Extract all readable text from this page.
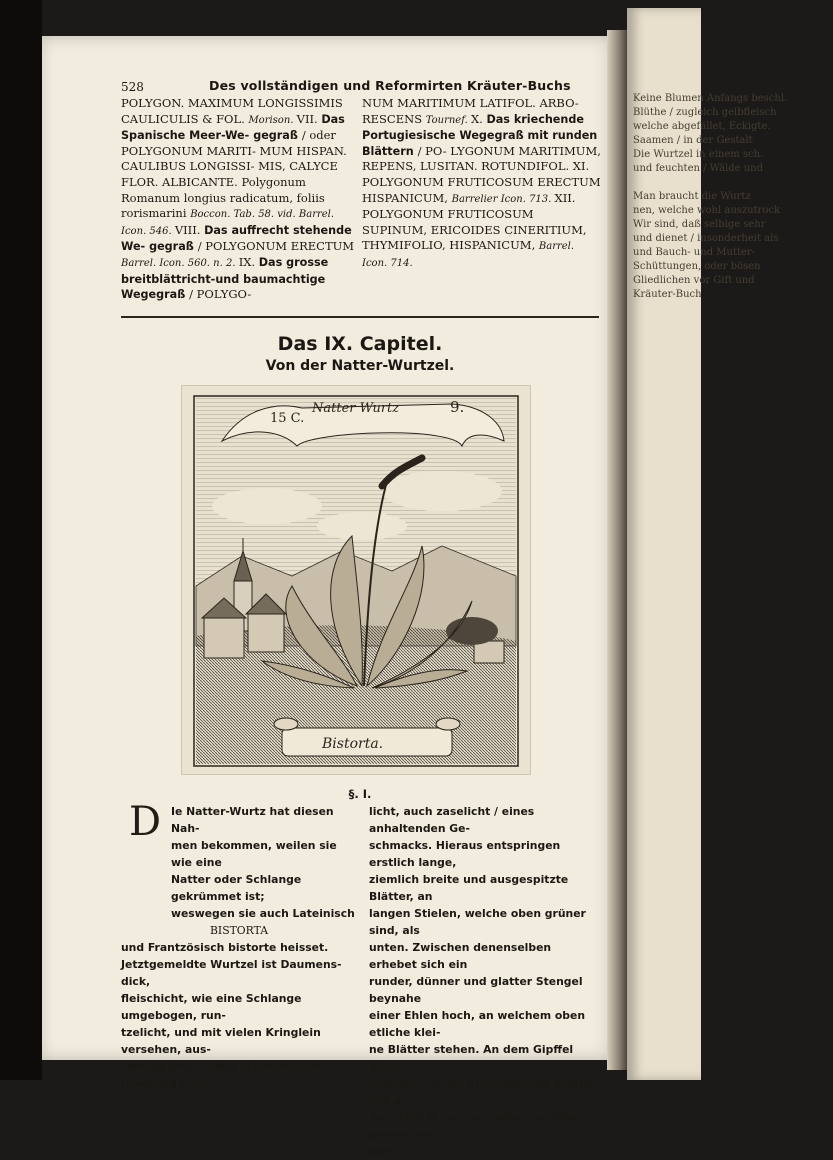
Keine Blumen Anfangs beschl.
Blüthe / zugleich gelbfleisch
welche abgefället, Eckigte.
Saamen / in der Gestalt
Die Wurtzel in einem sch.
und feuchten / Wälde und

Man braucht die Wurtz
nen, welche wohl auszutrock
Wir sind, daß selbige sehr
und dienet / insonderheit als
und Bauch- und Mutter-
Schüttungen, oder bösen
Gliedlichen vor Gift und
Kräuter-Buch
528	Des vollständigen und Reformirten Kräuter-Buchs
POLYGON. MAXIMUM LONGISSIMIS CAULICULIS & FOL. Morison. VII. Das Spanische Meer-We- gegraß / oder POLYGONUM MARITI- MUM HISPAN. CAULIBUS LONGISSI- MIS, CALYCE FLOR. ALBICANTE. Polygonum Romanum longius radicatum, foliis rorismarini Boccon. Tab. 58. vid. Barrel. Icon. 546. VIII. Das auffrecht stehende We- gegraß / POLYGONUM ERECTUM Barrel. Icon. 560. n. 2. IX. Das grosse breitblättricht-und baumachtige Wegegraß / POLYGO-
NUM MARITIMUM LATIFOL. ARBO- RESCENS Tournef. X. Das kriechende Portugiesische Wegegraß mit runden Blättern / PO- LYGONUM MARITIMUM, REPENS, LUSITAN. ROTUNDIFOL. XI. POLYGONUM FRUTICOSUM ERECTUM HISPANICUM, Barrelier Icon. 713. XII. POLYGONUM FRUTICOSUM SUPINUM, ERICOIDES CINERITIUM, THYMIFOLIO, HISPANICUM, Barrel. Icon. 714.
Das IX. Capitel.
Von der Natter-Wurtzel.
15 C.
Natter Wurtz	9.
Bistorta.
§. I.
D Ie Natter-Wurtz hat diesen Nah-

men bekommen, weilen sie wie eine

Natter oder Schlange gekrümmet ist;

weswegen sie auch Lateinisch

BISTORTA

und Frantzösisch bistorte heisset.

Jetztgemeldte Wurtzel ist Daumens-dick,

fleischicht, wie eine Schlange umgebogen, run-

tzelicht, und mit vielen Kringlein versehen, aus-

wendig braun oder schwartzlicht, inwendig röth-

licht, auch zaselicht / eines anhaltenden Ge-

schmacks. Hieraus entspringen erstlich lange,

ziemlich breite und ausgespitzte Blätter, an

langen Stielen, welche oben grüner sind, als

unten. Zwischen denenselben erhebet sich ein

runder, dünner und glatter Stengel beynahe

einer Ehlen hoch, an welchem oben etliche klei-

ne Blätter stehen. An dem Gipffel dieses

Stengels ist die ährenformige Blüthe, wie an

dem Flöh-Kraut, zu sehen, welche aus vielen

klei-
